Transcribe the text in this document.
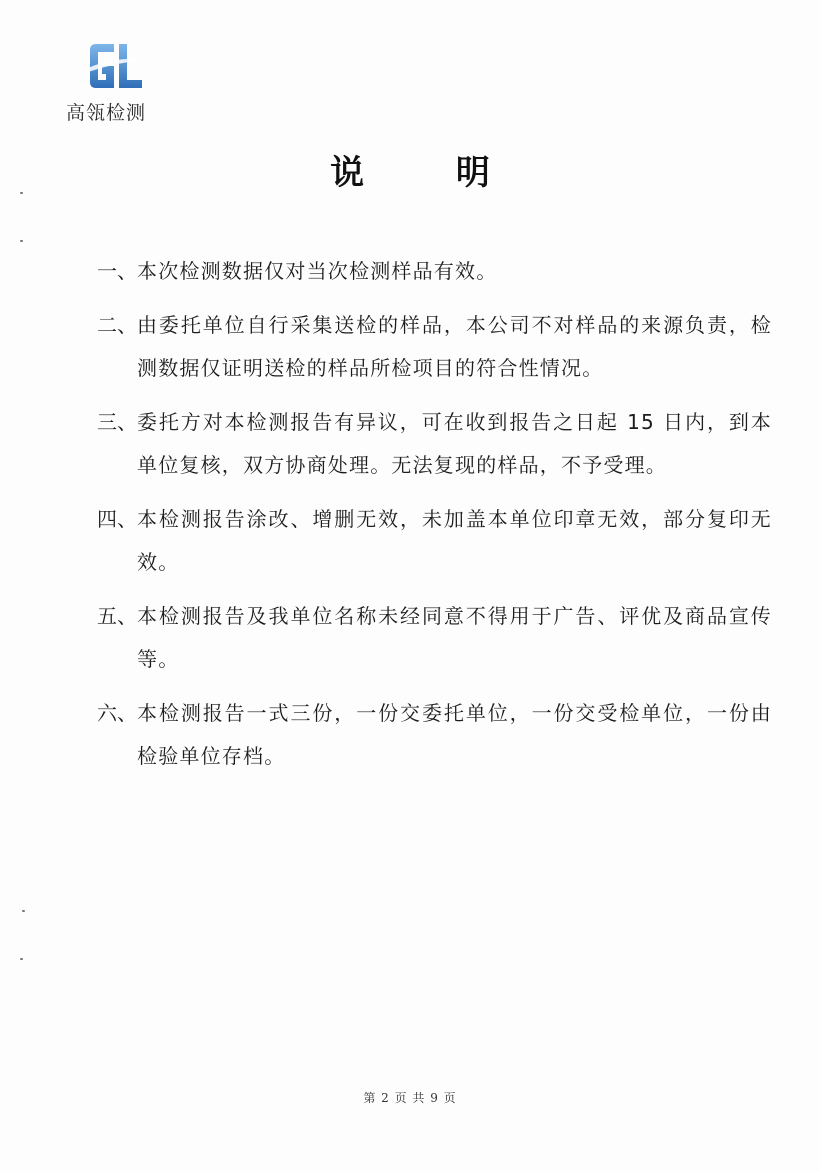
高瓴检测
说 明
一、 本次检测数据仅对当次检测样品有效。
二、 由委托单位自行采集送检的样品，本公司不对样品的来源负责，检测数据仅证明送检的样品所检项目的符合性情况。
三、 委托方对本检测报告有异议，可在收到报告之日起 15 日内，到本单位复核，双方协商处理。无法复现的样品，不予受理。
四、 本检测报告涂改、增删无效，未加盖本单位印章无效，部分复印无效。
五、 本检测报告及我单位名称未经同意不得用于广告、评优及商品宣传等。
六、 本检测报告一式三份，一份交委托单位，一份交受检单位，一份由检验单位存档。
第 2 页 共 9 页
